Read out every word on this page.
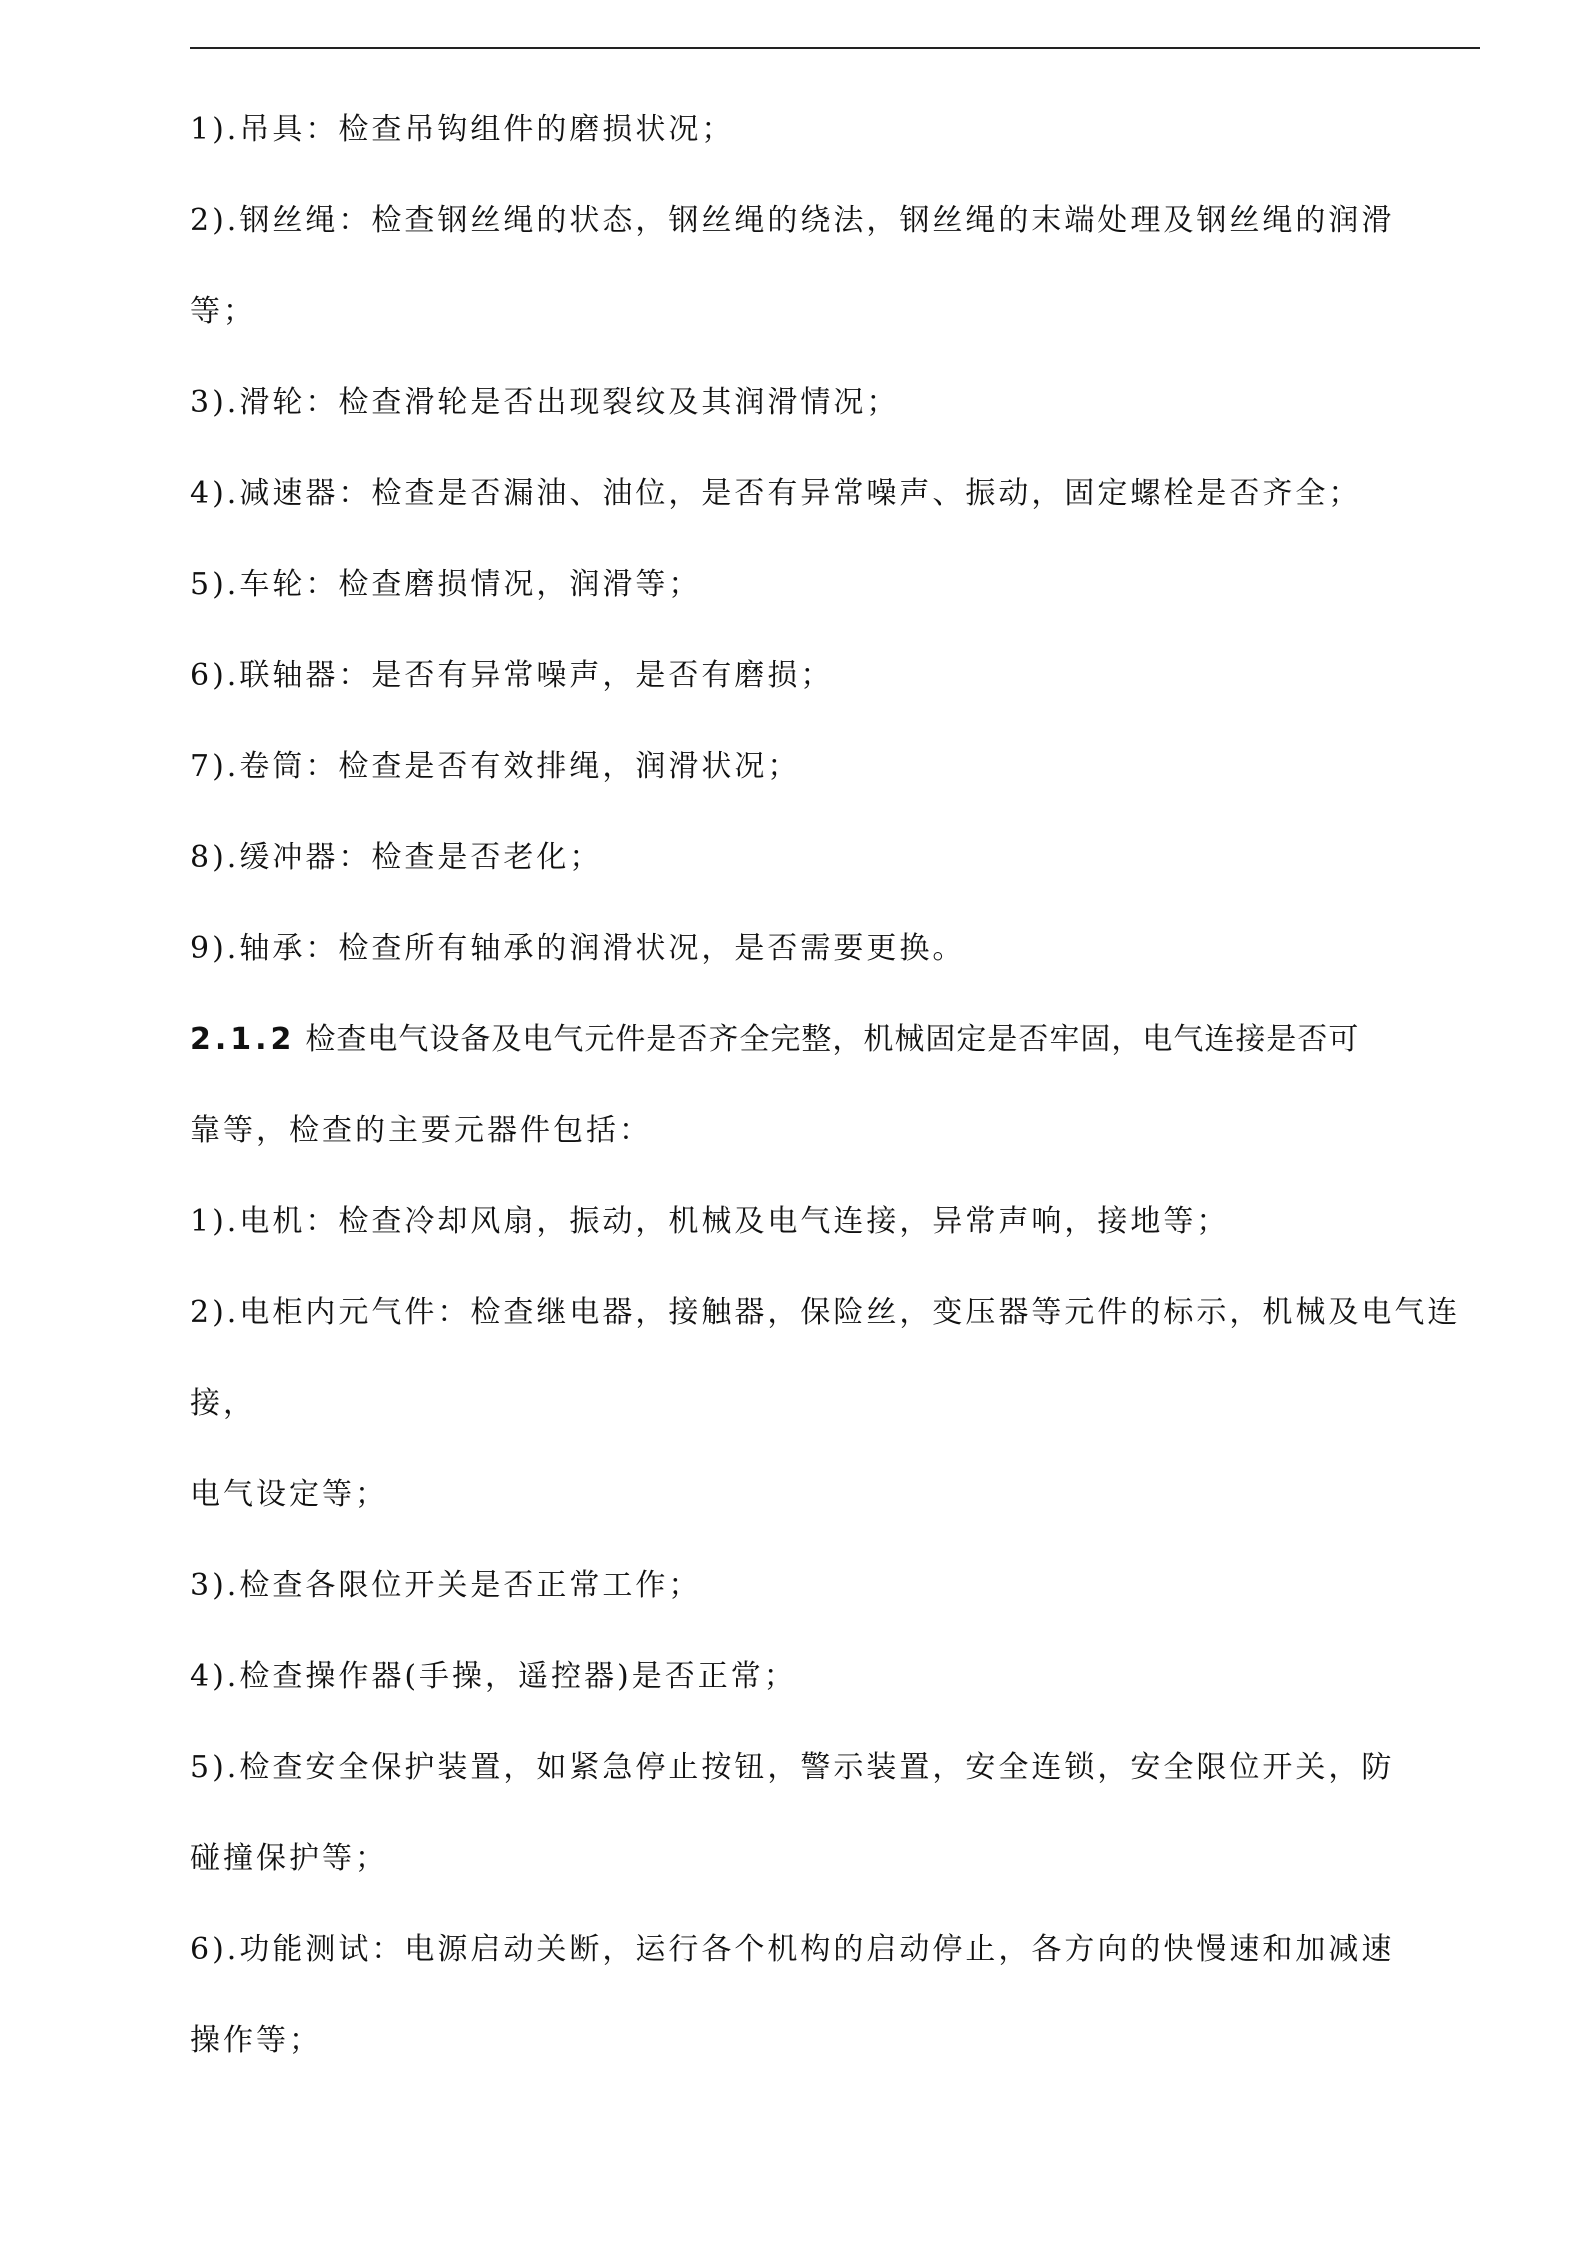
1).吊具：检查吊钩组件的磨损状况；
2).钢丝绳：检查钢丝绳的状态，钢丝绳的绕法，钢丝绳的末端处理及钢丝绳的润滑
等；
3).滑轮：检查滑轮是否出现裂纹及其润滑情况；
4).减速器：检查是否漏油、油位，是否有异常噪声、振动，固定螺栓是否齐全；
5).车轮：检查磨损情况，润滑等；
6).联轴器：是否有异常噪声，是否有磨损；
7).卷筒：检查是否有效排绳，润滑状况；
8).缓冲器：检查是否老化；
9).轴承：检查所有轴承的润滑状况，是否需要更换。
2.1.2 检查电气设备及电气元件是否齐全完整，机械固定是否牢固，电气连接是否可
靠等，检查的主要元器件包括：
1).电机：检查冷却风扇，振动，机械及电气连接，异常声响，接地等；
2).电柜内元气件：检查继电器，接触器，保险丝，变压器等元件的标示，机械及电气连
接，
电气设定等；
3).检查各限位开关是否正常工作；
4).检查操作器(手操，遥控器)是否正常；
5).检查安全保护装置，如紧急停止按钮，警示装置，安全连锁，安全限位开关，防
碰撞保护等；
6).功能测试：电源启动关断，运行各个机构的启动停止，各方向的快慢速和加减速
操作等；
